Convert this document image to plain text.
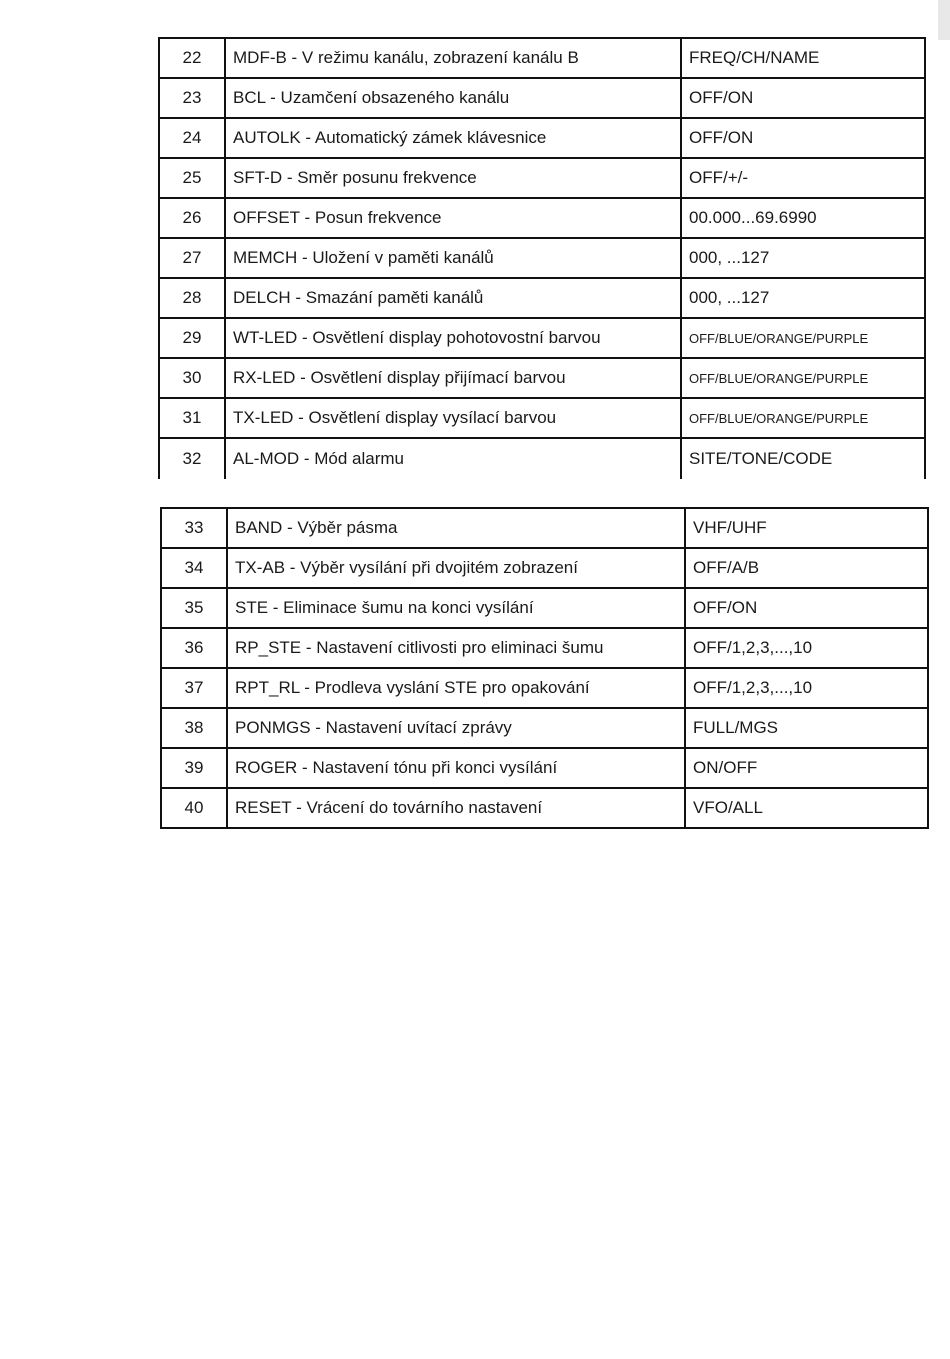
22	MDF-B - V režimu kanálu, zobrazení kanálu B	FREQ/CH/NAME
23	BCL - Uzamčení obsazeného kanálu	OFF/ON
24	AUTOLK - Automatický zámek klávesnice	OFF/ON
25	SFT-D - Směr posunu frekvence	OFF/+/-
26	OFFSET - Posun frekvence	00.000...69.6990
27	MEMCH - Uložení v paměti kanálů	000, ...127
28	DELCH - Smazání paměti kanálů	000, ...127
29	WT-LED - Osvětlení display pohotovostní barvou	OFF/BLUE/ORANGE/PURPLE
30	RX-LED - Osvětlení display přijímací barvou	OFF/BLUE/ORANGE/PURPLE
31	TX-LED - Osvětlení display vysílací barvou	OFF/BLUE/ORANGE/PURPLE
32	AL-MOD - Mód alarmu	SITE/TONE/CODE
33	BAND - Výběr pásma	VHF/UHF
34	TX-AB - Výběr vysílání při dvojitém zobrazení	OFF/A/B
35	STE - Eliminace šumu na konci vysílání	OFF/ON
36	RP_STE - Nastavení citlivosti pro eliminaci šumu	OFF/1,2,3,...,10
37	RPT_RL - Prodleva vyslání STE pro opakování	OFF/1,2,3,...,10
38	PONMGS - Nastavení uvítací zprávy	FULL/MGS
39	ROGER - Nastavení tónu při konci vysílání	ON/OFF
40	RESET - Vrácení do továrního nastavení	VFO/ALL
